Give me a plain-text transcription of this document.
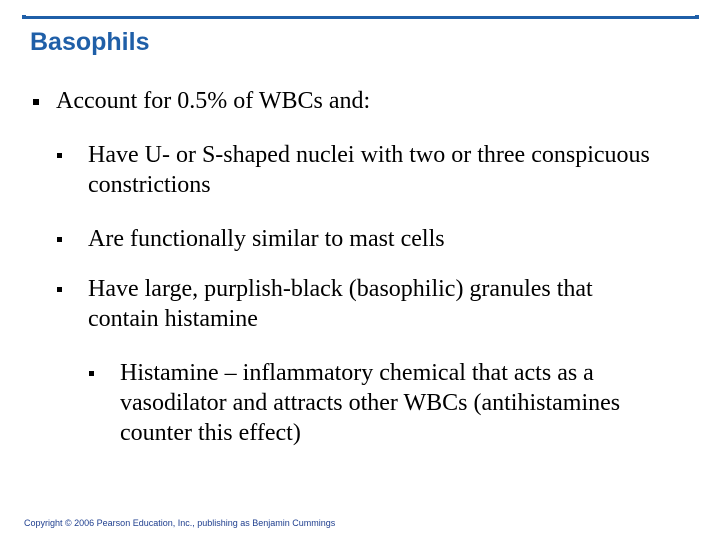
Basophils
Account for 0.5% of WBCs and:
Have U- or S-shaped nuclei with two or three conspicuous constrictions
Are functionally similar to mast cells
Have large, purplish-black (basophilic) granules that contain histamine
Histamine – inflammatory chemical that acts as a vasodilator and attracts other WBCs (antihistamines counter this effect)
Copyright © 2006 Pearson Education, Inc., publishing as Benjamin Cummings
